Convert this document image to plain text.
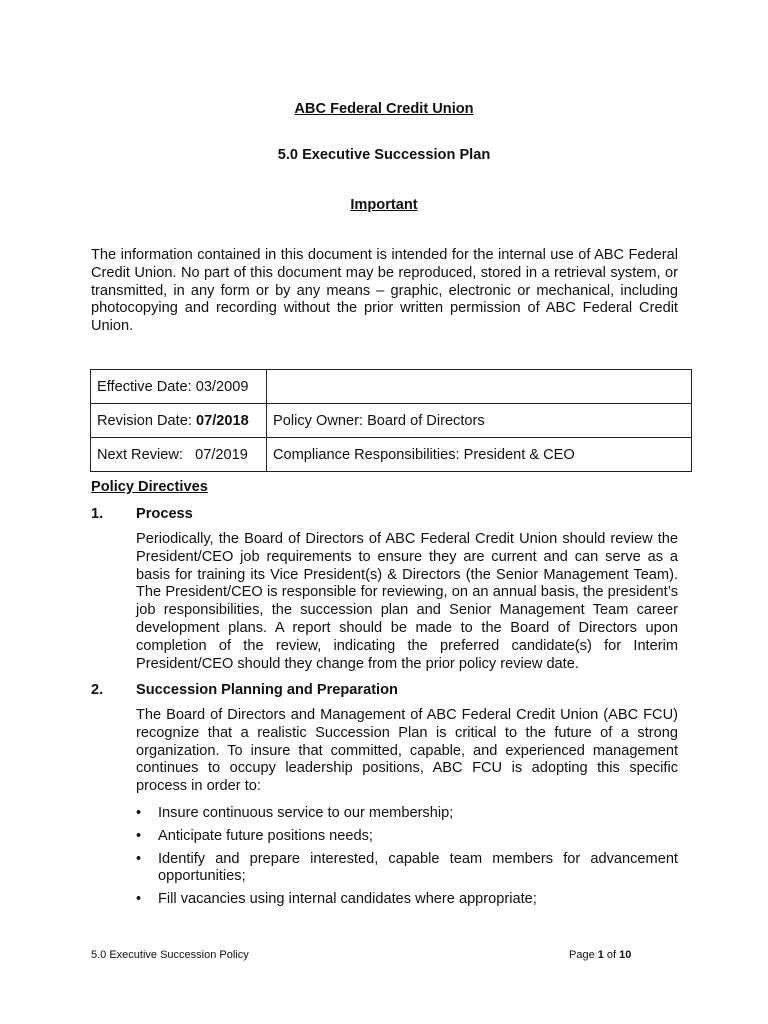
ABC Federal Credit Union
5.0 Executive Succession Plan
Important
The information contained in this document is intended for the internal use of ABC Federal Credit Union. No part of this document may be reproduced, stored in a retrieval system, or transmitted, in any form or by any means – graphic, electronic or mechanical, including photocopying and recording without the prior written permission of ABC Federal Credit Union.
Effective Date: 03/2009	
Revision Date: 07/2018	Policy Owner: Board of Directors
Next Review:   07/2019	Compliance Responsibilities: President & CEO
Policy Directives
1. Process
Periodically, the Board of Directors of ABC Federal Credit Union should review the President/CEO job requirements to ensure they are current and can serve as a basis for training its Vice President(s) & Directors (the Senior Management Team). The President/CEO is responsible for reviewing, on an annual basis, the president’s job responsibilities, the succession plan and Senior Management Team career development plans. A report should be made to the Board of Directors upon completion of the review, indicating the preferred candidate(s) for Interim President/CEO should they change from the prior policy review date.
2. Succession Planning and Preparation
The Board of Directors and Management of ABC Federal Credit Union (ABC FCU) recognize that a realistic Succession Plan is critical to the future of a strong organization. To insure that committed, capable, and experienced management continues to occupy leadership positions, ABC FCU is adopting this specific process in order to:
•	Insure continuous service to our membership;
•	Anticipate future positions needs;
•	Identify and prepare interested, capable team members for advancement opportunities;
•	Fill vacancies using internal candidates where appropriate;
5.0 Executive Succession Policy	Page 1 of 10
